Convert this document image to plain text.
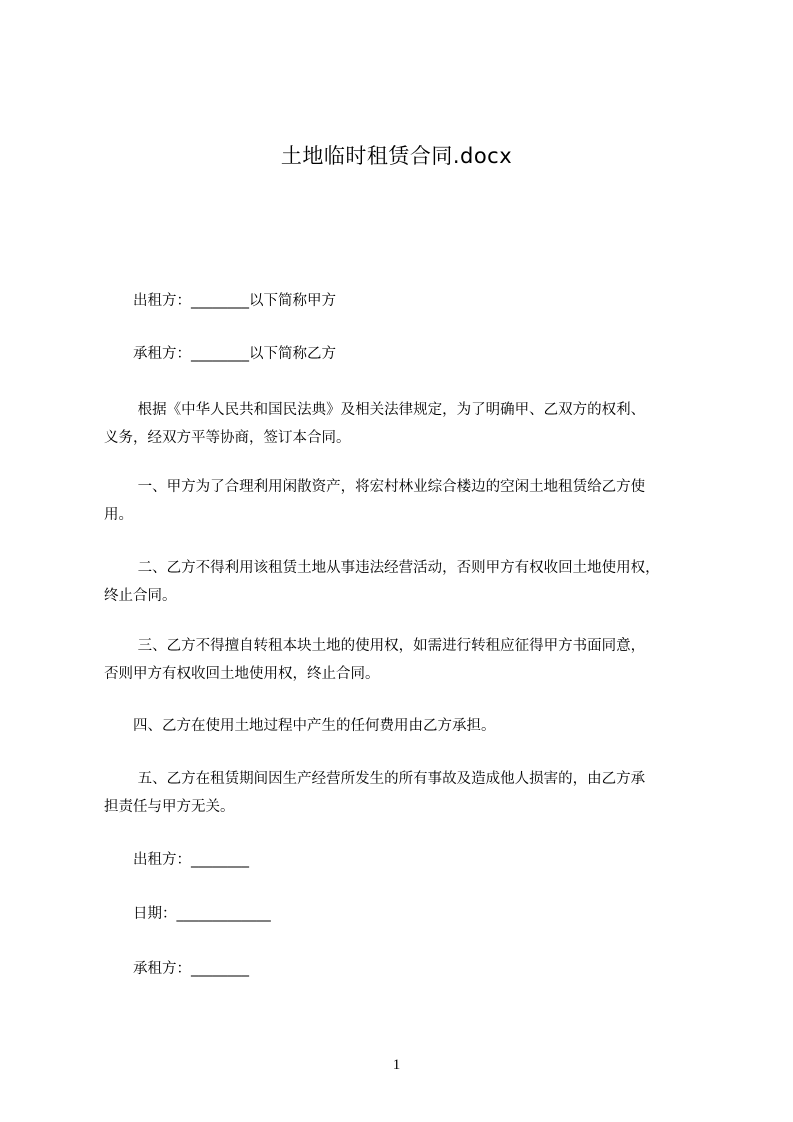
土地临时租赁合同.docx

　　出租方：________以下简称甲方

　　承租方：________以下简称乙方

　　 根据《中华人民共和国民法典》及相关法律规定，为了明确甲、乙双方的权利、
义务，经双方平等协商，签订本合同。

　　 一、甲方为了合理利用闲散资产，将宏村林业综合楼边的空闲土地租赁给乙方使
用。

　　 二、乙方不得利用该租赁土地从事违法经营活动，否则甲方有权收回土地使用权，
终止合同。

　　 三、乙方不得擅自转租本块土地的使用权，如需进行转租应征得甲方书面同意，
否则甲方有权收回土地使用权，终止合同。

　　四、乙方在使用土地过程中产生的任何费用由乙方承担。

　　 五、乙方在租赁期间因生产经营所发生的所有事故及造成他人损害的，由乙方承
担责任与甲方无关。

　　出租方：________

　　日期：_____________

　　承租方：________

1
